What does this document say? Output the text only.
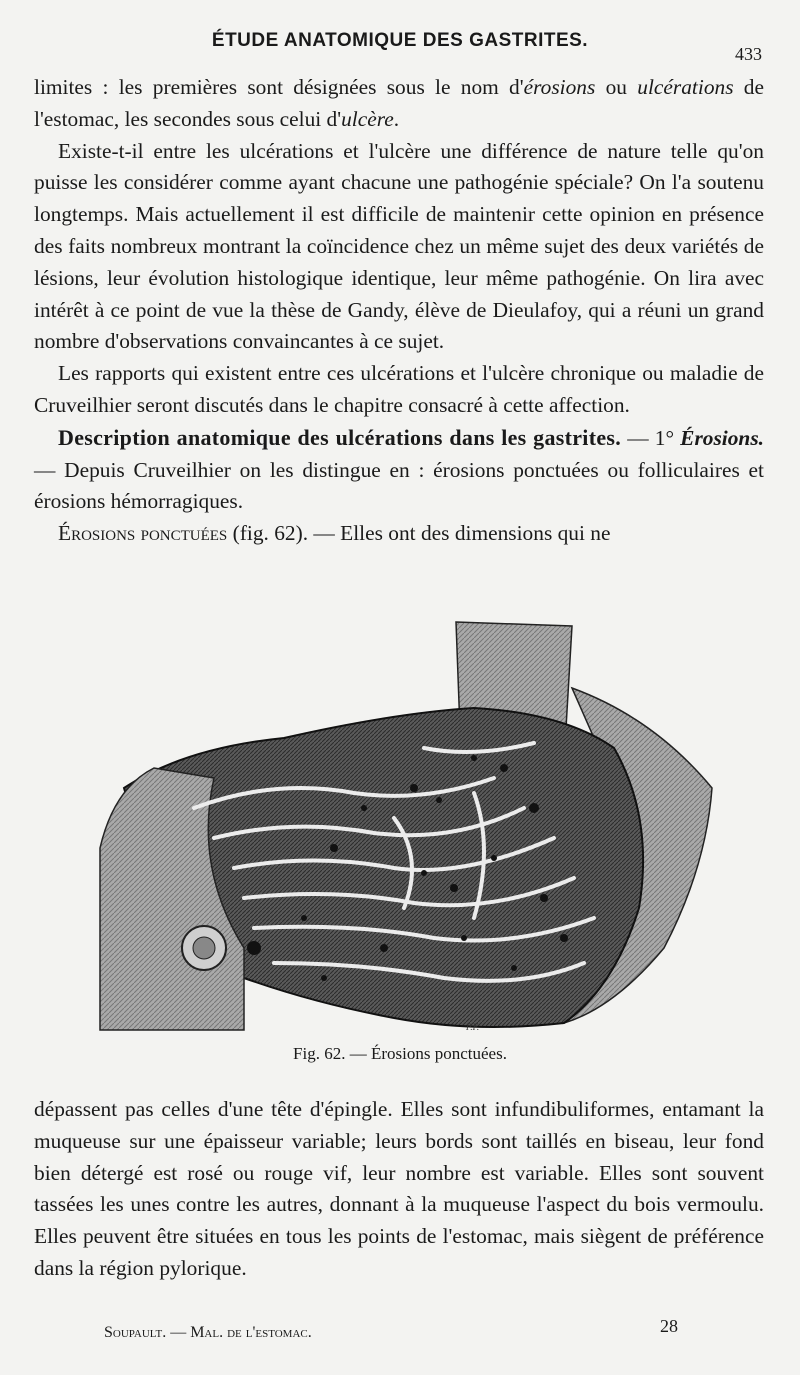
ÉTUDE ANATOMIQUE DES GASTRITES.
433

limites : les premières sont désignées sous le nom d'érosions ou ulcérations de l'estomac, les secondes sous celui d'ulcère.

Existe-t-il entre les ulcérations et l'ulcère une différence de nature telle qu'on puisse les considérer comme ayant chacune une pathogénie spéciale? On l'a soutenu longtemps. Mais actuellement il est difficile de maintenir cette opinion en présence des faits nombreux montrant la coïncidence chez un même sujet des deux variétés de lésions, leur évolution histologique identique, leur même pathogénie. On lira avec intérêt à ce point de vue la thèse de Gandy, élève de Dieulafoy, qui a réuni un grand nombre d'observations convaincantes à ce sujet.

Les rapports qui existent entre ces ulcérations et l'ulcère chronique ou maladie de Cruveilhier seront discutés dans le chapitre consacré à cette affection.

Description anatomique des ulcérations dans les gastrites. — 1° Érosions. — Depuis Cruveilhier on les distingue en : érosions ponctuées ou folliculaires et érosions hémorragiques.

Érosions ponctuées (fig. 62). — Elles ont des dimensions qui ne

P.F.
Fig. 62. — Érosions ponctuées.

dépassent pas celles d'une tête d'épingle. Elles sont infundibuliformes, entamant la muqueuse sur une épaisseur variable; leurs bords sont taillés en biseau, leur fond bien détergé est rosé ou rouge vif, leur nombre est variable. Elles sont souvent tassées les unes contre les autres, donnant à la muqueuse l'aspect du bois vermoulu. Elles peuvent être situées en tous les points de l'estomac, mais siègent de préférence dans la région pylorique.

Soupault. — Mal. de l'estomac.	28
